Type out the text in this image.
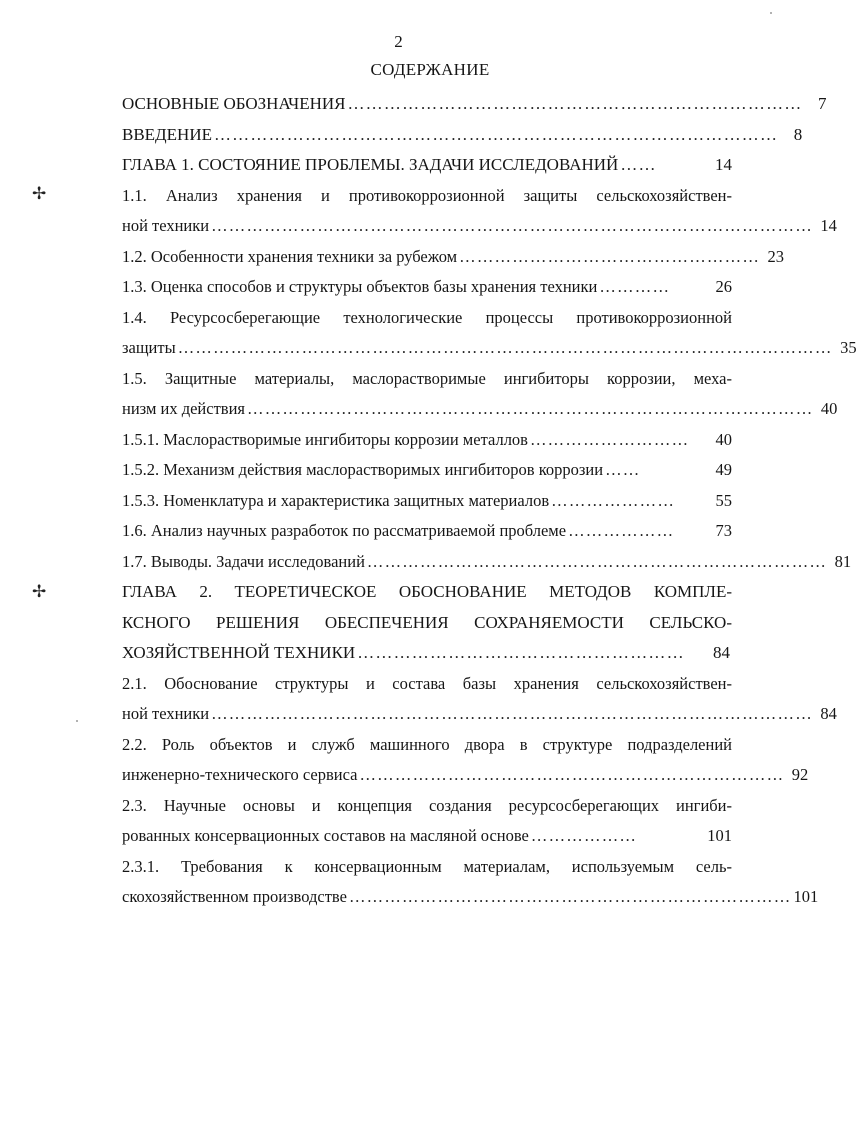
2
СОДЕРЖАНИЕ
✢
✢
ОСНОВНЫЕ ОБОЗНАЧЕНИЯ ………………………………………………………………… 7
ВВЕДЕНИЕ ………………………………………………………………………………… 8
ГЛАВА 1. СОСТОЯНИЕ ПРОБЛЕМЫ. ЗАДАЧИ ИССЛЕДОВАНИЙ ……	14
1.1. Анализ хранения и противокоррозионной защиты сельскохозяйствен-
ной техники ………………………………………………………………………………………… 14
1.2. Особенности хранения техники за рубежом …………………………………………… 23
1.3. Оценка способов и структуры объектов базы хранения техники …………	26
1.4. Ресурсосберегающие технологические процессы противокоррозионной
защиты ………………………………………………………………………………………………… 35
1.5. Защитные материалы, маслорастворимые ингибиторы коррозии, меха-
низм их действия …………………………………………………………………………………… 40
1.5.1. Маслорастворимые ингибиторы коррозии металлов ………………………	40
1.5.2. Механизм действия маслорастворимых ингибиторов коррозии ……	49
1.5.3. Номенклатура и характеристика защитных материалов …………………	55
1.6. Анализ научных разработок по рассматриваемой проблеме ………………	73
1.7. Выводы. Задачи исследований …………………………………………………………………… 81
ГЛАВА 2. ТЕОРЕТИЧЕСКОЕ ОБОСНОВАНИЕ МЕТОДОВ КОМПЛЕ-
КСНОГО РЕШЕНИЯ ОБЕСПЕЧЕНИЯ СОХРАНЯЕМОСТИ СЕЛЬСКО-
ХОЗЯЙСТВЕННОЙ ТЕХНИКИ ………………………………………………	84
2.1. Обоснование структуры и состава базы хранения сельскохозяйствен-
ной техники ………………………………………………………………………………………… 84
2.2. Роль объектов и служб машинного двора в структуре подразделений
инженерно-технического сервиса ……………………………………………………………… 92
2.3. Научные основы и концепция создания ресурсосберегающих ингиби-
рованных консервационных составов на масляной основе ………………	101
2.3.1. Требования к консервационным материалам, используемым сель-
скохозяйственном производстве ………………………………………………………………… 101
